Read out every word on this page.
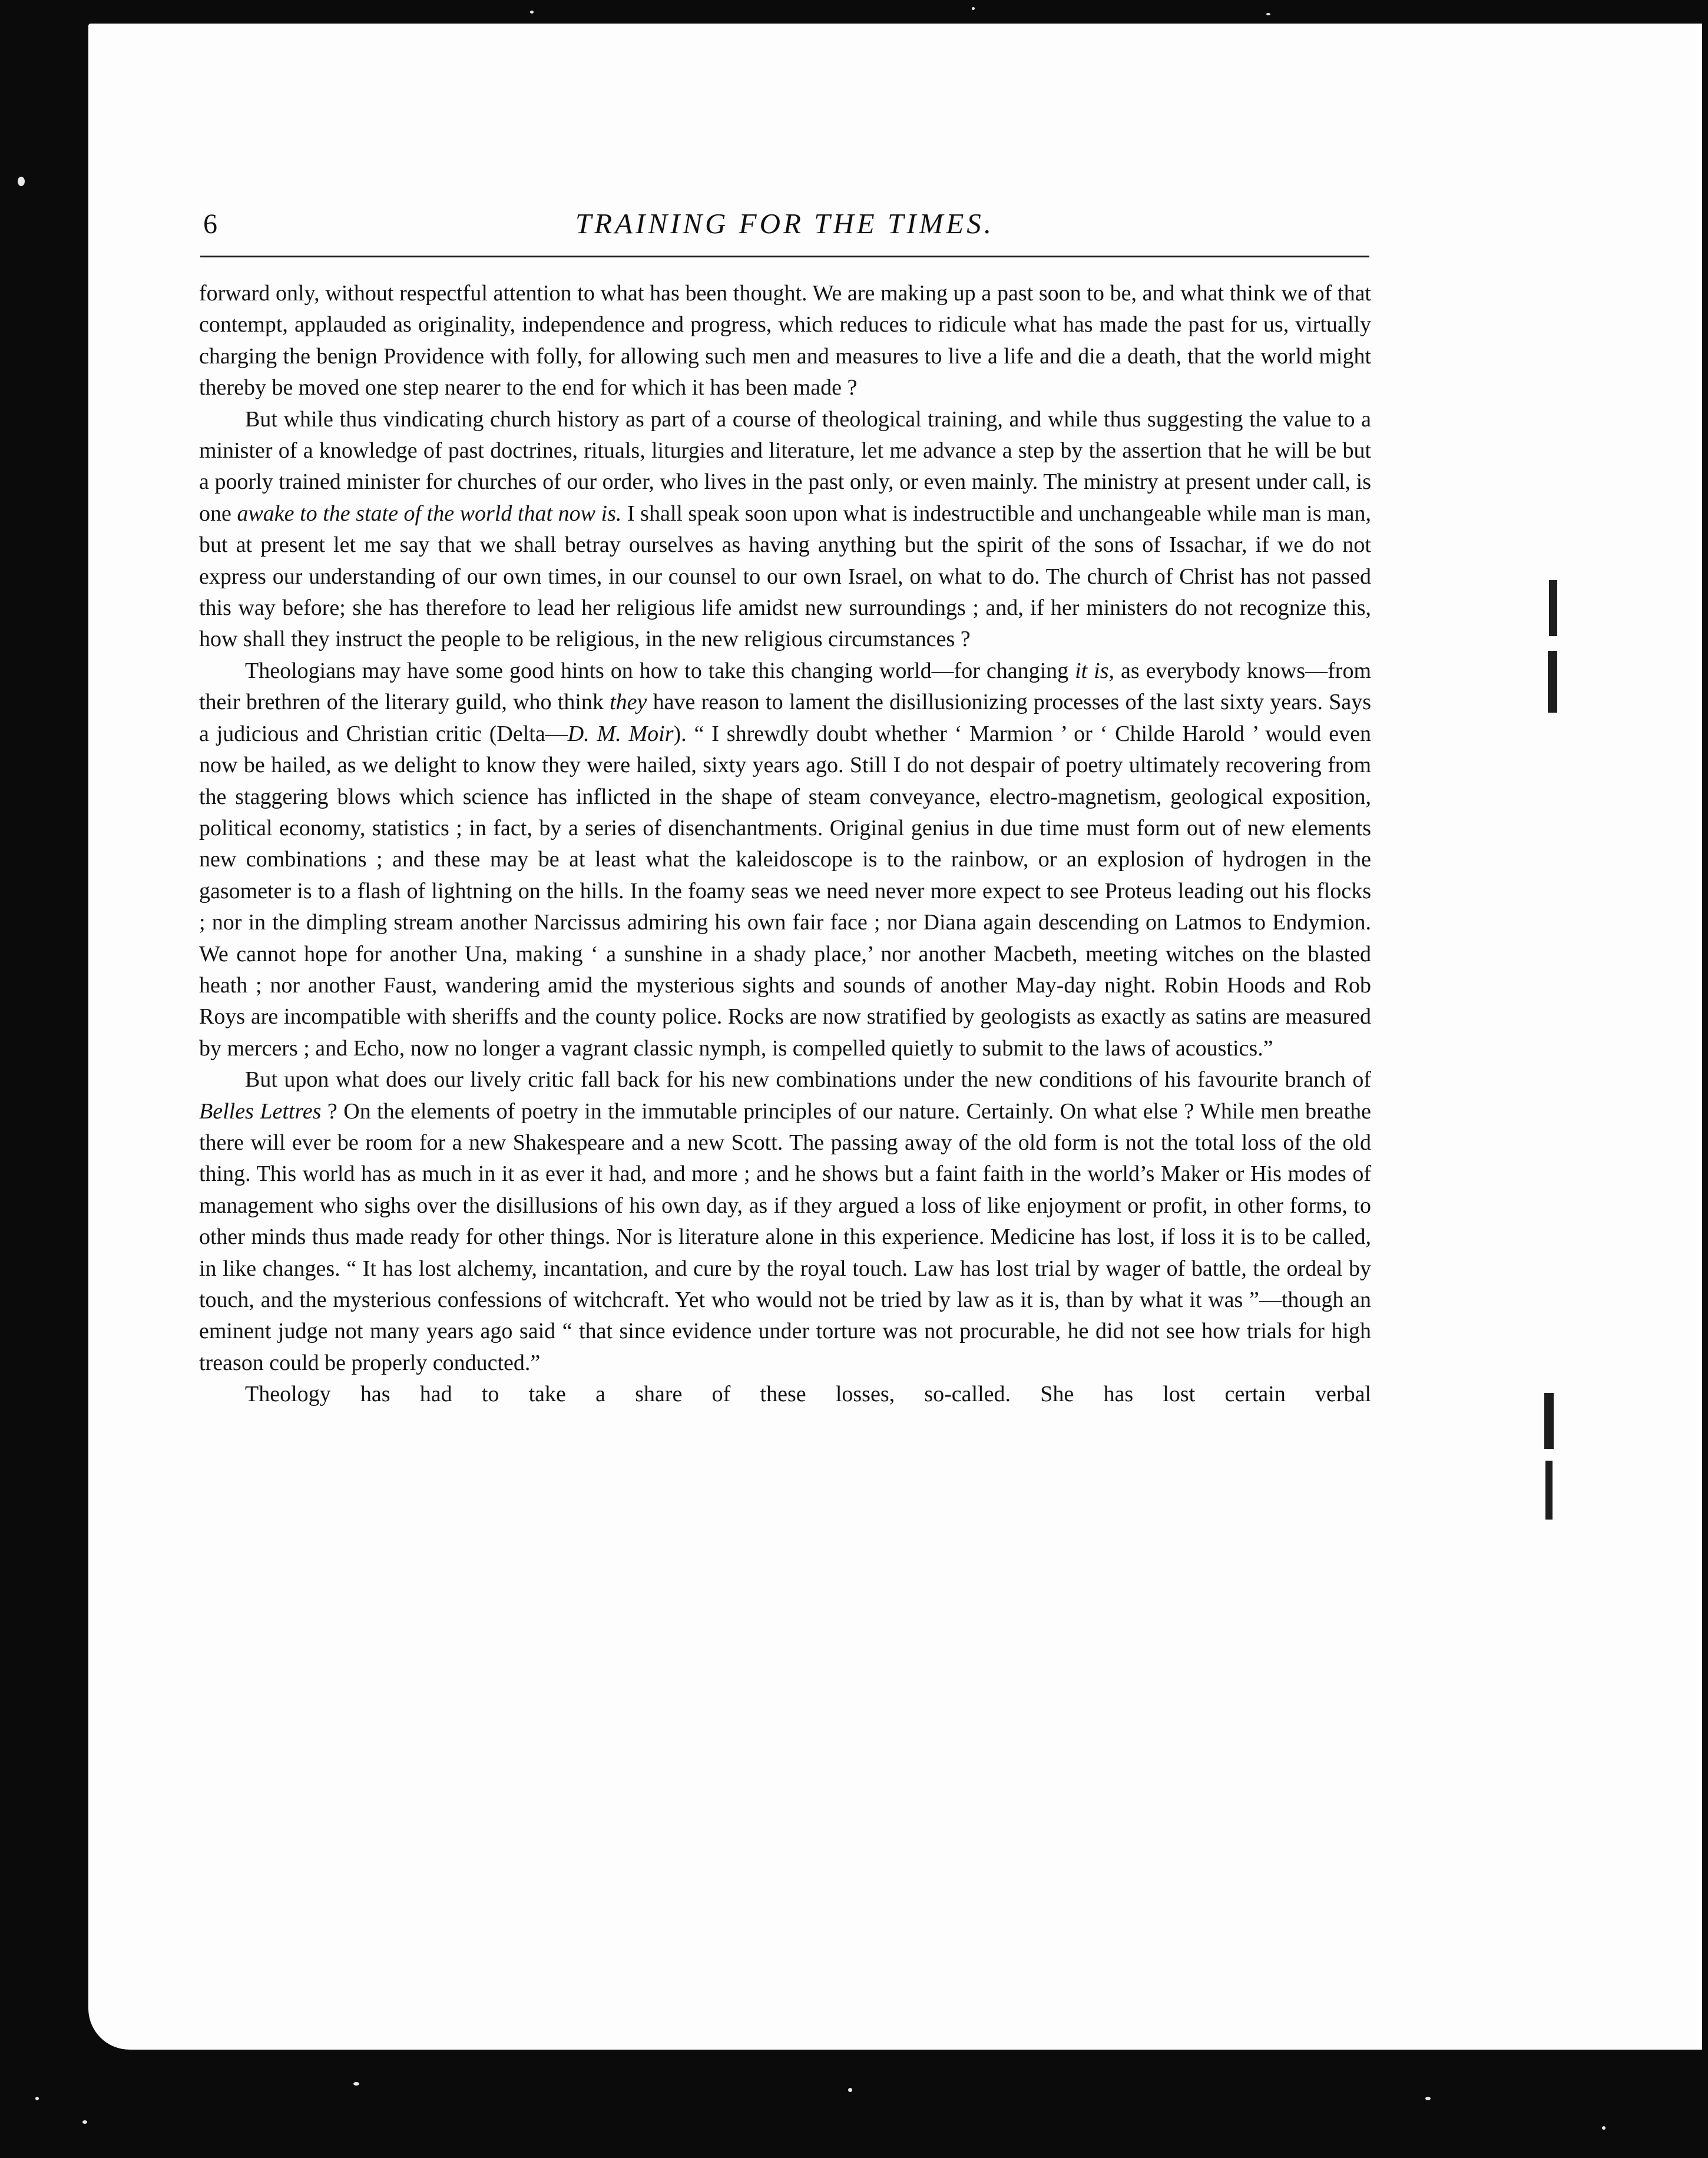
6	TRAINING FOR THE TIMES.

forward only, without respectful attention to what has been thought. We are making up a past soon to be, and what think we of that contempt, applauded as originality, independence and progress, which reduces to ridicule what has made the past for us, virtually charging the benign Providence with folly, for allowing such men and measures to live a life and die a death, that the world might thereby be moved one step nearer to the end for which it has been made ?

But while thus vindicating church history as part of a course of theological training, and while thus suggesting the value to a minister of a knowledge of past doctrines, rituals, liturgies and literature, let me advance a step by the assertion that he will be but a poorly trained minister for churches of our order, who lives in the past only, or even mainly. The ministry at present under call, is one awake to the state of the world that now is. I shall speak soon upon what is indestructible and unchangeable while man is man, but at present let me say that we shall betray ourselves as having anything but the spirit of the sons of Issachar, if we do not express our understanding of our own times, in our counsel to our own Israel, on what to do. The church of Christ has not passed this way before; she has therefore to lead her religious life amidst new surroundings ; and, if her ministers do not recognize this, how shall they instruct the people to be religious, in the new religious circumstances ?

Theologians may have some good hints on how to take this changing world—for changing it is, as everybody knows—from their brethren of the literary guild, who think they have reason to lament the disillusionizing processes of the last sixty years. Says a judicious and Christian critic (Delta—D. M. Moir). “ I shrewdly doubt whether ‘ Marmion ’ or ‘ Childe Harold ’ would even now be hailed, as we delight to know they were hailed, sixty years ago. Still I do not despair of poetry ultimately recovering from the staggering blows which science has inflicted in the shape of steam conveyance, electro-magnetism, geological exposition, political economy, statistics ; in fact, by a series of disenchantments. Original genius in due time must form out of new elements new combinations ; and these may be at least what the kaleidoscope is to the rainbow, or an explosion of hydrogen in the gasometer is to a flash of lightning on the hills. In the foamy seas we need never more expect to see Proteus leading out his flocks ; nor in the dimpling stream another Narcissus admiring his own fair face ; nor Diana again descending on Latmos to Endymion. We cannot hope for another Una, making ‘ a sunshine in a shady place,’ nor another Macbeth, meeting witches on the blasted heath ; nor another Faust, wandering amid the mysterious sights and sounds of another May-day night. Robin Hoods and Rob Roys are incompatible with sheriffs and the county police. Rocks are now stratified by geologists as exactly as satins are measured by mercers ; and Echo, now no longer a vagrant classic nymph, is compelled quietly to submit to the laws of acoustics.”

But upon what does our lively critic fall back for his new combinations under the new conditions of his favourite branch of Belles Lettres ? On the elements of poetry in the immutable principles of our nature. Certainly. On what else ? While men breathe there will ever be room for a new Shakespeare and a new Scott. The passing away of the old form is not the total loss of the old thing. This world has as much in it as ever it had, and more ; and he shows but a faint faith in the world’s Maker or His modes of management who sighs over the disillusions of his own day, as if they argued a loss of like enjoyment or profit, in other forms, to other minds thus made ready for other things. Nor is literature alone in this experience. Medicine has lost, if loss it is to be called, in like changes. “ It has lost alchemy, incantation, and cure by the royal touch. Law has lost trial by wager of battle, the ordeal by touch, and the mysterious confessions of witchcraft. Yet who would not be tried by law as it is, than by what it was ”—though an eminent judge not many years ago said “ that since evidence under torture was not procurable, he did not see how trials for high treason could be properly conducted.”

Theology has had to take a share of these losses, so-called. She has lost certain verbal
